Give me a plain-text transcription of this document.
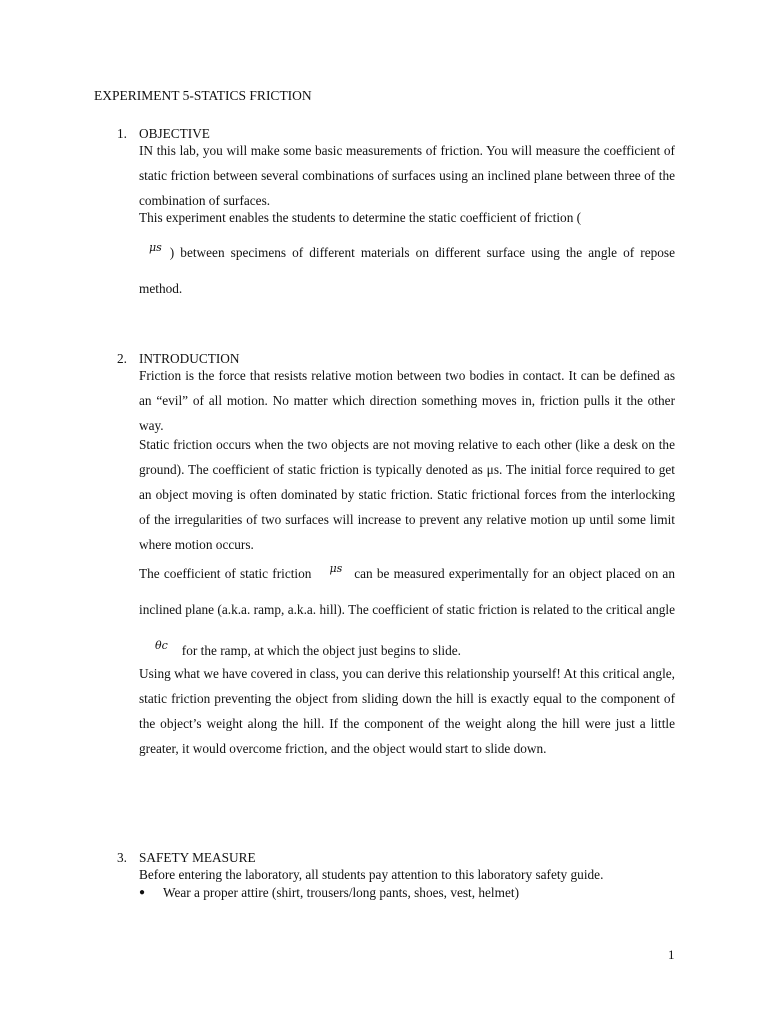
EXPERIMENT 5-STATICS FRICTION
1. OBJECTIVE

IN this lab, you will make some basic measurements of friction. You will measure the coefficient of static friction between several combinations of surfaces using an inclined plane between three of the combination of surfaces.

This experiment enables the students to determine the static coefficient of friction (

μs ) between specimens of different materials on different surface using the angle of repose method.

2. INTRODUCTION

Friction is the force that resists relative motion between two bodies in contact. It can be defined as an “evil” of all motion. No matter which direction something moves in, friction pulls it the other way.

Static friction occurs when the two objects are not moving relative to each other (like a desk on the ground). The coefficient of static friction is typically denoted as μs. The initial force required to get an object moving is often dominated by static friction. Static frictional forces from the interlocking of the irregularities of two surfaces will increase to prevent any relative motion up until some limit where motion occurs.

The coefficient of static friction μs can be measured experimentally for an object placed on an inclined plane (a.k.a. ramp, a.k.a. hill). The coefficient of static friction is related to the critical angleθc for the ramp, at which the object just begins to slide.

Using what we have covered in class, you can derive this relationship yourself! At this critical angle, static friction preventing the object from sliding down the hill is exactly equal to the component of the object’s weight along the hill. If the component of the weight along the hill were just a little greater, it would overcome friction, and the object would start to slide down.

3. SAFETY MEASURE

Before entering the laboratory, all students pay attention to this laboratory safety guide.

●	Wear a proper attire (shirt, trousers/long pants, shoes, vest, helmet)
1
